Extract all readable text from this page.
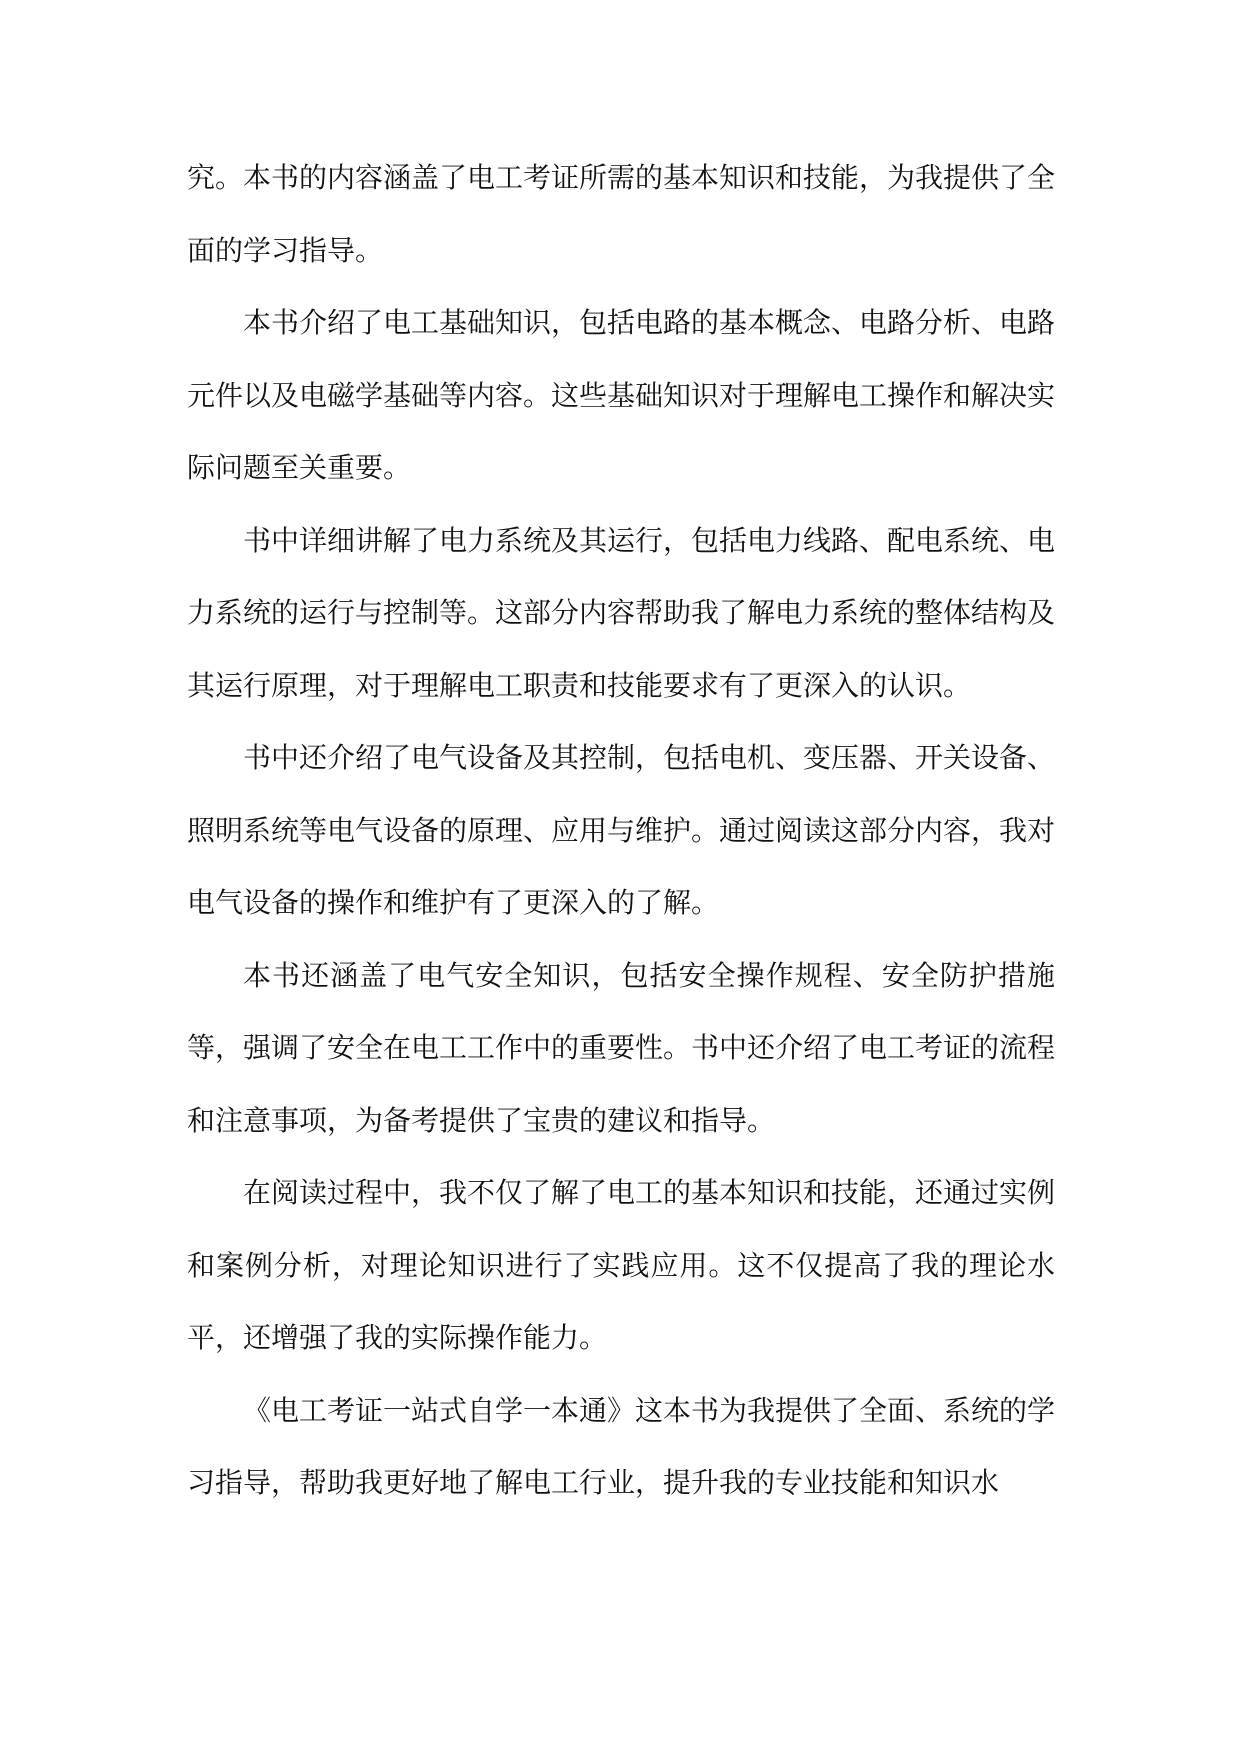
究。本书的内容涵盖了电工考证所需的基本知识和技能，为我提供了全面的学习指导。

本书介绍了电工基础知识，包括电路的基本概念、电路分析、电路元件以及电磁学基础等内容。这些基础知识对于理解电工操作和解决实际问题至关重要。

书中详细讲解了电力系统及其运行，包括电力线路、配电系统、电力系统的运行与控制等。这部分内容帮助我了解电力系统的整体结构及其运行原理，对于理解电工职责和技能要求有了更深入的认识。

书中还介绍了电气设备及其控制，包括电机、变压器、开关设备、照明系统等电气设备的原理、应用与维护。通过阅读这部分内容，我对电气设备的操作和维护有了更深入的了解。

本书还涵盖了电气安全知识，包括安全操作规程、安全防护措施等，强调了安全在电工工作中的重要性。书中还介绍了电工考证的流程和注意事项，为备考提供了宝贵的建议和指导。

在阅读过程中，我不仅了解了电工的基本知识和技能，还通过实例和案例分析，对理论知识进行了实践应用。这不仅提高了我的理论水平，还增强了我的实际操作能力。

《电工考证一站式自学一本通》这本书为我提供了全面、系统的学习指导，帮助我更好地了解电工行业，提升我的专业技能和知识水
